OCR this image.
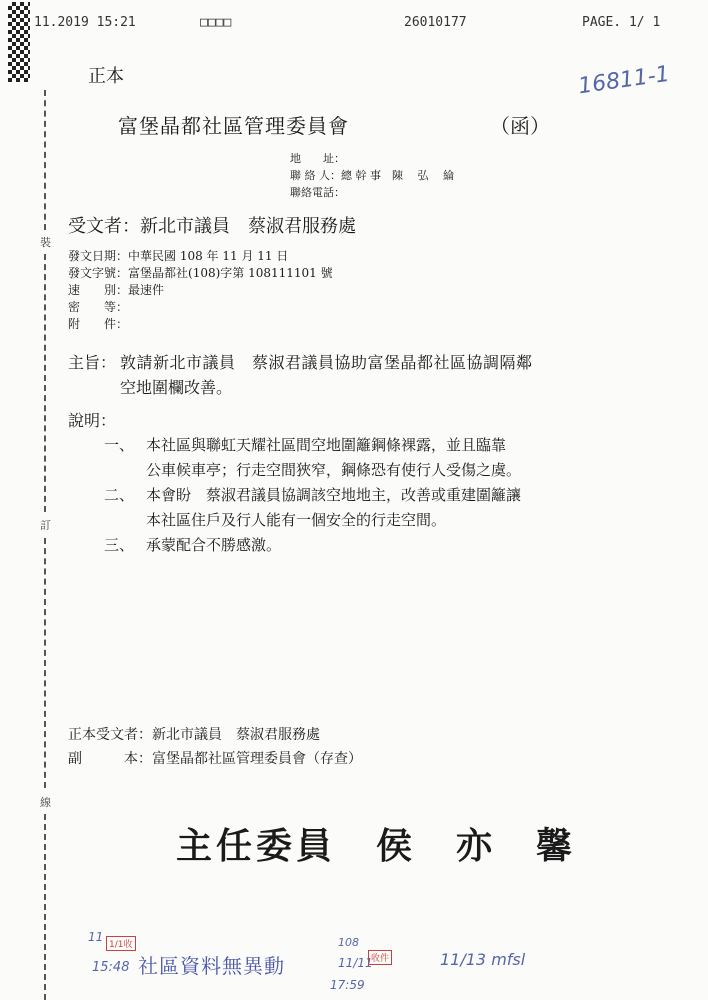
11.2019 15:21	□□□□	26010177	PAGE. 1/ 1
裝
訂
線
正本	16811-1
富堡晶都社區管理委員會	（函）
地　　址：
聯 絡 人：總 幹 事　陳　 弘　 綸
聯絡電話：
受文者：新北市議員　蔡淑君服務處
發文日期：中華民國 108 年 11 月 11 日
發文字號：富堡晶都社(108)字第 108111101 號
速　　別：最速件
密　　等：
附　　件：
主旨： 敦請新北市議員　蔡淑君議員協助富堡晶都社區協調隔鄰
空地圍欄改善。
說明：
一、 本社區與聯虹天耀社區間空地圍籬鋼條裸露，並且臨靠
公車候車亭；行走空間狹窄，鋼條恐有使行人受傷之虞。
二、 本會盼　蔡淑君議員協調該空地地主，改善或重建圍籬讓
本社區住戶及行人能有一個安全的行走空間。
三、 承蒙配合不勝感激。
正本受文者：新北市議員　蔡淑君服務處
副　　　本：富堡晶都社區管理委員會（存查）
主任委員　侯　亦　馨
11
15:48
1/1收
社區資料無異動
108
11/11
17:59
收件	11/13 mfsl
